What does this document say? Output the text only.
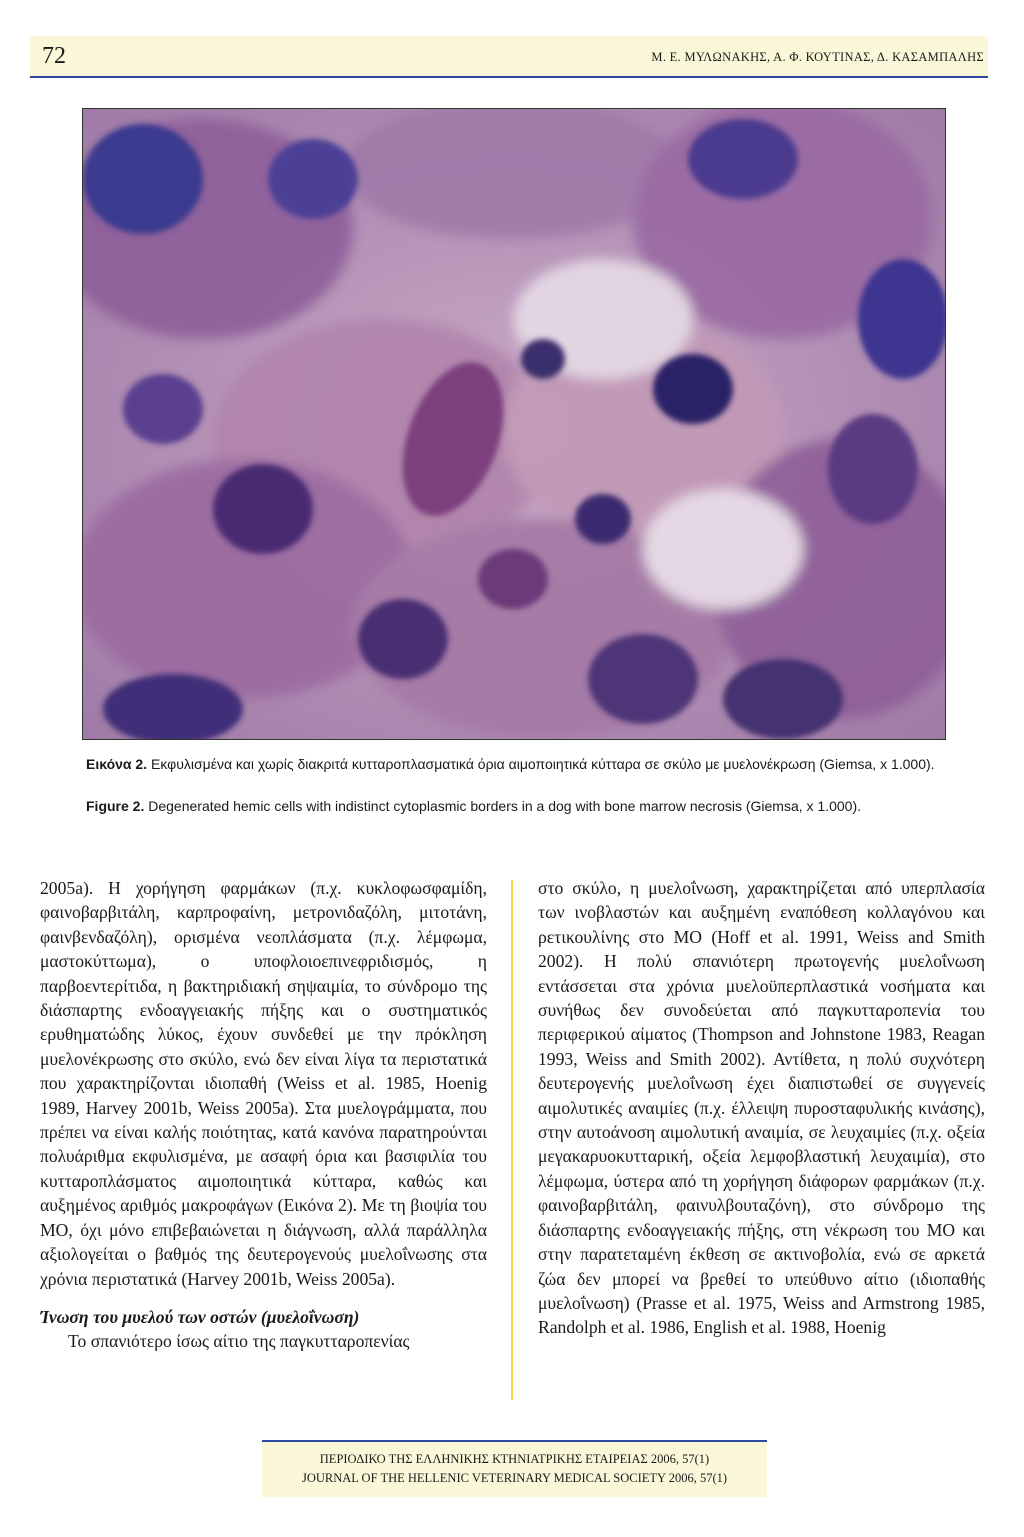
72	Μ. Ε. ΜΥΛΩΝΑΚΗΣ, Α. Φ. ΚΟΥΤΙΝΑΣ, Δ. ΚΑΣΑΜΠΑΛΗΣ
Εικόνα 2. Εκφυλισμένα και χωρίς διακριτά κυτταροπλασματικά όρια αιμοποιητικά κύτταρα σε σκύλο με μυελονέκρωση (Giemsa, x 1.000).
Figure 2. Degenerated hemic cells with indistinct cytoplasmic borders in a dog with bone marrow necrosis (Giemsa, x 1.000).

2005a). Η χορήγηση φαρμάκων (π.χ. κυκλοφωσφαμίδη, φαινοβαρβιτάλη, καρπροφαίνη, μετρονιδαζόλη, μιτοτάνη, φαινβενδαζόλη), ορισμένα νεοπλάσματα (π.χ. λέμφωμα, μαστοκύττωμα), ο υποφλοιοεπινεφριδισμός, η παρβοεντερίτιδα, η βακτηριδιακή σηψαιμία, το σύνδρομο της διάσπαρτης ενδοαγγειακής πήξης και ο συστηματικός ερυθηματώδης λύκος, έχουν συνδεθεί με την πρόκληση μυελονέκρωσης στο σκύλο, ενώ δεν είναι λίγα τα περιστατικά που χαρακτηρίζονται ιδιοπαθή (Weiss et al. 1985, Hoenig 1989, Harvey 2001b, Weiss 2005a). Στα μυελογράμματα, που πρέπει να είναι καλής ποιότητας, κατά κανόνα παρατηρούνται πολυάριθμα εκφυλισμένα, με ασαφή όρια και βασιφιλία του κυτταροπλάσματος αιμοποιητικά κύτταρα, καθώς και αυξημένος αριθμός μακροφάγων (Εικόνα 2). Με τη βιοψία του ΜΟ, όχι μόνο επιβεβαιώνεται η διάγνωση, αλλά παράλληλα αξιολογείται ο βαθμός της δευτερογενούς μυελοΐνωσης στα χρόνια περιστατικά (Harvey 2001b, Weiss 2005a).

Ίνωση του μυελού των οστών (μυελοΐνωση)

Το σπανιότερο ίσως αίτιο της παγκυτταροπενίας

στο σκύλο, η μυελοΐνωση, χαρακτηρίζεται από υπερπλασία των ινοβλαστών και αυξημένη εναπόθεση κολλαγόνου και ρετικουλίνης στο ΜΟ (Hoff et al. 1991, Weiss and Smith 2002). Η πολύ σπανιότερη πρωτογενής μυελοΐνωση εντάσσεται στα χρόνια μυελοϋπερπλαστικά νοσήματα και συνήθως δεν συνοδεύεται από παγκυτταροπενία του περιφερικού αίματος (Thompson and Johnstone 1983, Reagan 1993, Weiss and Smith 2002). Αντίθετα, η πολύ συχνότερη δευτερογενής μυελοΐνωση έχει διαπιστωθεί σε συγγενείς αιμολυτικές αναιμίες (π.χ. έλλειψη πυροσταφυλικής κινάσης), στην αυτοάνοση αιμολυτική αναιμία, σε λευχαιμίες (π.χ. οξεία μεγακαρυοκυτταρική, οξεία λεμφοβλαστική λευχαιμία), στο λέμφωμα, ύστερα από τη χορήγηση διάφορων φαρμάκων (π.χ. φαινοβαρβιτάλη, φαινυλβουταζόνη), στο σύνδρομο της διάσπαρτης ενδοαγγειακής πήξης, στη νέκρωση του ΜΟ και στην παρατεταμένη έκθεση σε ακτινοβολία, ενώ σε αρκετά ζώα δεν μπορεί να βρεθεί το υπεύθυνο αίτιο (ιδιοπαθής μυελοΐνωση) (Prasse et al. 1975, Weiss and Armstrong 1985, Randolph et al. 1986, English et al. 1988, Hoenig

ΠΕΡΙΟΔΙΚΟ ΤΗΣ ΕΛΛΗΝΙΚΗΣ ΚΤΗΝΙΑΤΡΙΚΗΣ ΕΤΑΙΡΕΙΑΣ 2006, 57(1)
JOURNAL OF THE HELLENIC VETERINARY MEDICAL SOCIETY 2006, 57(1)
